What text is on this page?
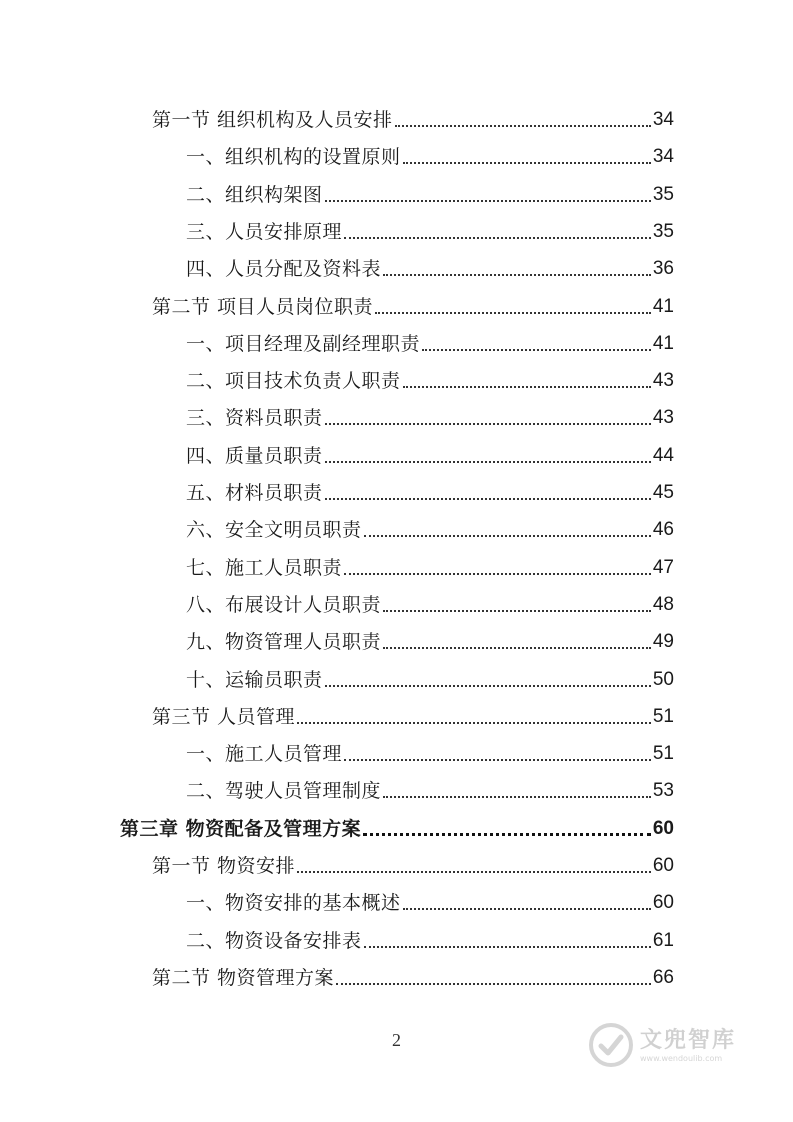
第一节 组织机构及人员安排	34
一、组织机构的设置原则	34
二、组织构架图	35
三、人员安排原理	35
四、人员分配及资料表	36
第二节 项目人员岗位职责	41
一、项目经理及副经理职责	41
二、项目技术负责人职责	43
三、资料员职责	43
四、质量员职责	44
五、材料员职责	45
六、安全文明员职责	46
七、施工人员职责	47
八、布展设计人员职责	48
九、物资管理人员职责	49
十、运输员职责	50
第三节 人员管理	51
一、施工人员管理	51
二、驾驶人员管理制度	53
第三章 物资配备及管理方案	60
第一节 物资安排	60
一、物资安排的基本概述	60
二、物资设备安排表	61
第二节 物资管理方案	66
2	文兜智库
www.wendoulib.com
